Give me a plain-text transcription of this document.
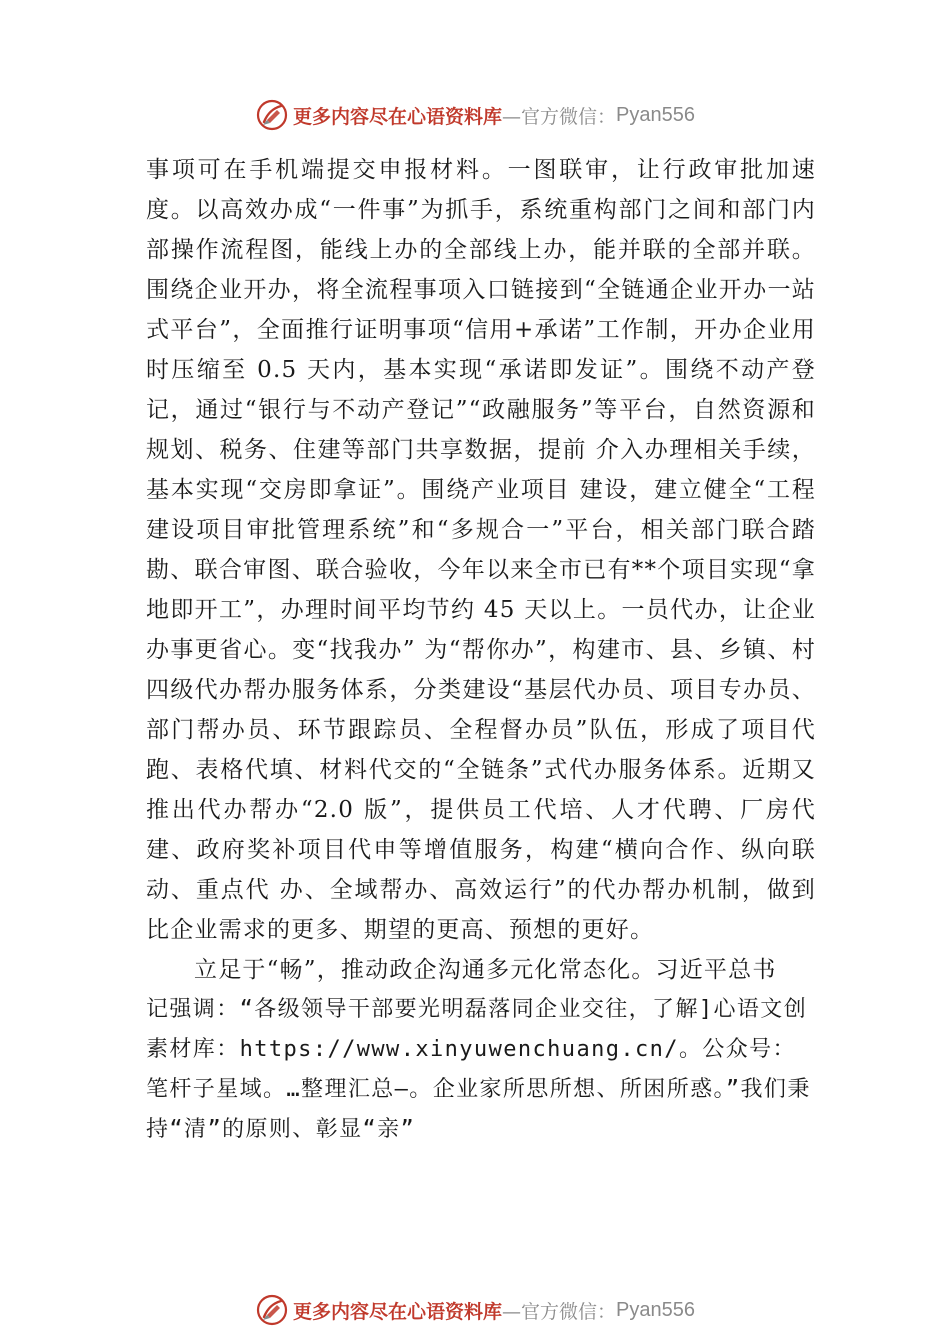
更多内容尽在心语资料库 —官方微信： Pyan556

事项可在手机端提交申报材料。一图联审，让行政审批加速度。以高效办成“一件事”为抓手，系统重构部门之间和部门内部操作流程图，能线上办的全部线上办，能并联的全部并联。围绕企业开办，将全流程事项入口链接到“全链通企业开办一站式平台”，全面推行证明事项“信用+承诺”工作制，开办企业用时压缩至 0.5 天内，基本实现“承诺即发证”。围绕不动产登记，通过“银行与不动产登记”“政融服务”等平台，自然资源和规划、税务、住建等部门共享数据，提前 介入办理相关手续，基本实现“交房即拿证”。围绕产业项目 建设，建立健全“工程建设项目审批管理系统”和“多规合一”平台，相关部门联合踏勘、联合审图、联合验收，今年以来全市已有**个项目实现“拿地即开工”，办理时间平均节约 45 天以上。一员代办，让企业办事更省心。变“找我办” 为“帮你办”，构建市、县、乡镇、村四级代办帮办服务体系，分类建设“基层代办员、项目专办员、部门帮办员、环节跟踪员、全程督办员”队伍，形成了项目代跑、表格代填、材料代交的“全链条”式代办服务体系。近期又推出代办帮办“2.0 版”，提供员工代培、人才代聘、厂房代建、政府奖补项目代申等增值服务，构建“横向合作、纵向联动、重点代 办、全域帮办、高效运行”的代办帮办机制，做到比企业需求的更多、期望的更高、预想的更好。

立足于“畅”，推动政企沟通多元化常态化。习近平总书

记强调：“各级领导干部要光明磊落同企业交往，了解]心语文创素材库：https://www.xinyuwenchuang.cn/。公众号：笔杆子星域。…整理汇总—。企业家所思所想、所困所惑。”我们秉持“清”的原则、彰显“亲”

更多内容尽在心语资料库 —官方微信： Pyan556
